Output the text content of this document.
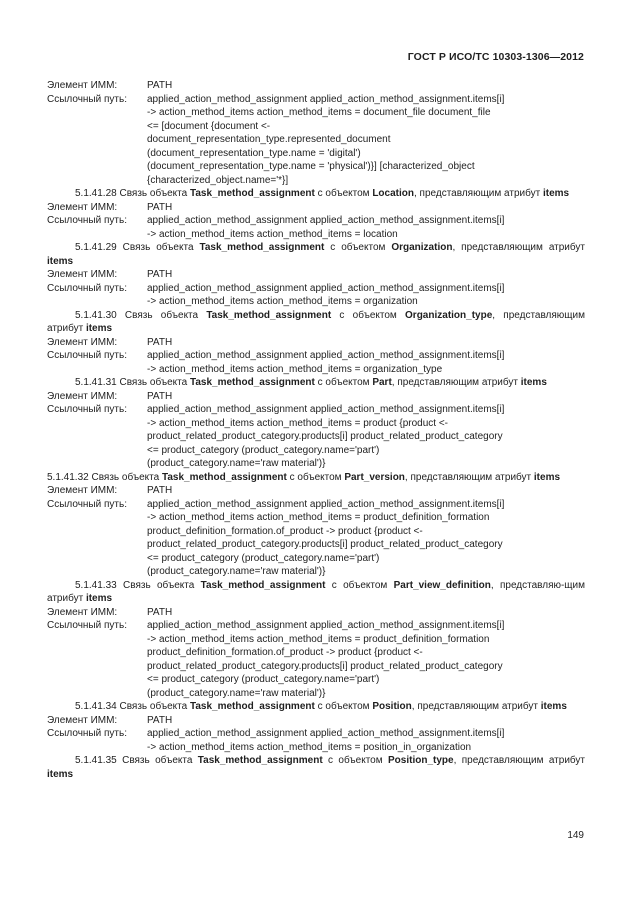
ГОСТ Р ИСО/ТС 10303-1306—2012
Элемент ИММ:	PATH
Ссылочный путь:	applied_action_method_assignment applied_action_method_assignment.items[i]
-> action_method_items action_method_items = document_file document_file
<= [document {document <-
document_representation_type.represented_document
(document_representation_type.name = 'digital')
(document_representation_type.name = 'physical')}] [characterized_object
{characterized_object.name='*}]
5.1.41.28 Связь объекта Task_method_assignment с объектом Location, представляющим атрибут items
Элемент ИММ:	PATH
Ссылочный путь:	applied_action_method_assignment applied_action_method_assignment.items[i]
-> action_method_items action_method_items = location
5.1.41.29 Связь объекта Task_method_assignment с объектом Organization, представляющим атрибут items
Элемент ИММ:	PATH
Ссылочный путь:	applied_action_method_assignment applied_action_method_assignment.items[i]
-> action_method_items action_method_items = organization
5.1.41.30 Связь объекта Task_method_assignment с объектом Organization_type, представляющим атрибут items
Элемент ИММ:	PATH
Ссылочный путь:	applied_action_method_assignment applied_action_method_assignment.items[i]
-> action_method_items action_method_items = organization_type
5.1.41.31 Связь объекта Task_method_assignment с объектом Part, представляющим атрибут items
Элемент ИММ:	PATH
Ссылочный путь:	applied_action_method_assignment applied_action_method_assignment.items[i]
-> action_method_items action_method_items = product {product <-
product_related_product_category.products[i] product_related_product_category
<= product_category (product_category.name='part')
(product_category.name='raw material')}
5.1.41.32 Связь объекта Task_method_assignment с объектом Part_version, представляющим атрибут items
Элемент ИММ:	PATH
Ссылочный путь:	applied_action_method_assignment applied_action_method_assignment.items[i]
-> action_method_items action_method_items = product_definition_formation
product_definition_formation.of_product -> product {product <-
product_related_product_category.products[i] product_related_product_category
<= product_category (product_category.name='part')
(product_category.name='raw material')}
5.1.41.33 Связь объекта Task_method_assignment с объектом Part_view_definition, представляю-щим атрибут items
Элемент ИММ:	PATH
Ссылочный путь:	applied_action_method_assignment applied_action_method_assignment.items[i]
-> action_method_items action_method_items = product_definition_formation
product_definition_formation.of_product -> product {product <-
product_related_product_category.products[i] product_related_product_category
<= product_category (product_category.name='part')
(product_category.name='raw material')}
5.1.41.34 Связь объекта Task_method_assignment с объектом Position, представляющим атрибут items
Элемент ИММ:	PATH
Ссылочный путь:	applied_action_method_assignment applied_action_method_assignment.items[i]
-> action_method_items action_method_items = position_in_organization
5.1.41.35 Связь объекта Task_method_assignment с объектом Position_type, представляющим атрибут items
149
